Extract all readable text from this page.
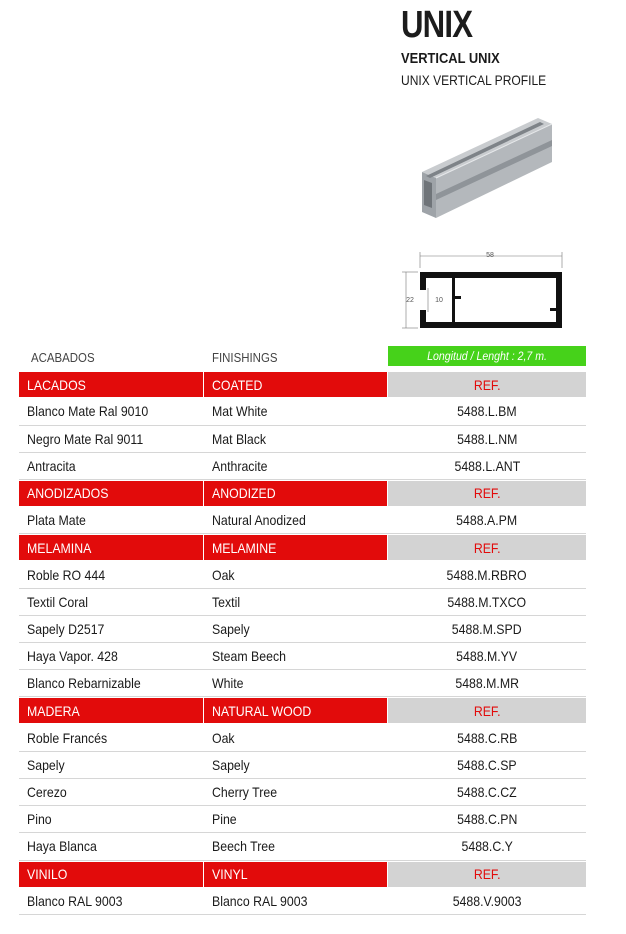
UNIX
VERTICAL UNIX
UNIX VERTICAL PROFILE
58
22	10
ACABADOS	FINISHINGS	Longitud / Lenght : 2,7 m.
LACADOS	COATED	REF.
Blanco Mate Ral 9010	Mat White	5488.L.BM
Negro Mate Ral 9011	Mat Black	5488.L.NM
Antracita	Anthracite	5488.L.ANT
ANODIZADOS	ANODIZED	REF.
Plata Mate	Natural Anodized	5488.A.PM
MELAMINA	MELAMINE	REF.
Roble RO 444	Oak	5488.M.RBRO
Textil Coral	Textil	5488.M.TXCO
Sapely D2517	Sapely	5488.M.SPD
Haya Vapor. 428	Steam Beech	5488.M.YV
Blanco Rebarnizable	White	5488.M.MR
MADERA	NATURAL WOOD	REF.
Roble Francés	Oak	5488.C.RB
Sapely	Sapely	5488.C.SP
Cerezo	Cherry Tree	5488.C.CZ
Pino	Pine	5488.C.PN
Haya Blanca	Beech Tree	5488.C.Y
VINILO	VINYL	REF.
Blanco RAL 9003	Blanco RAL 9003	5488.V.9003
